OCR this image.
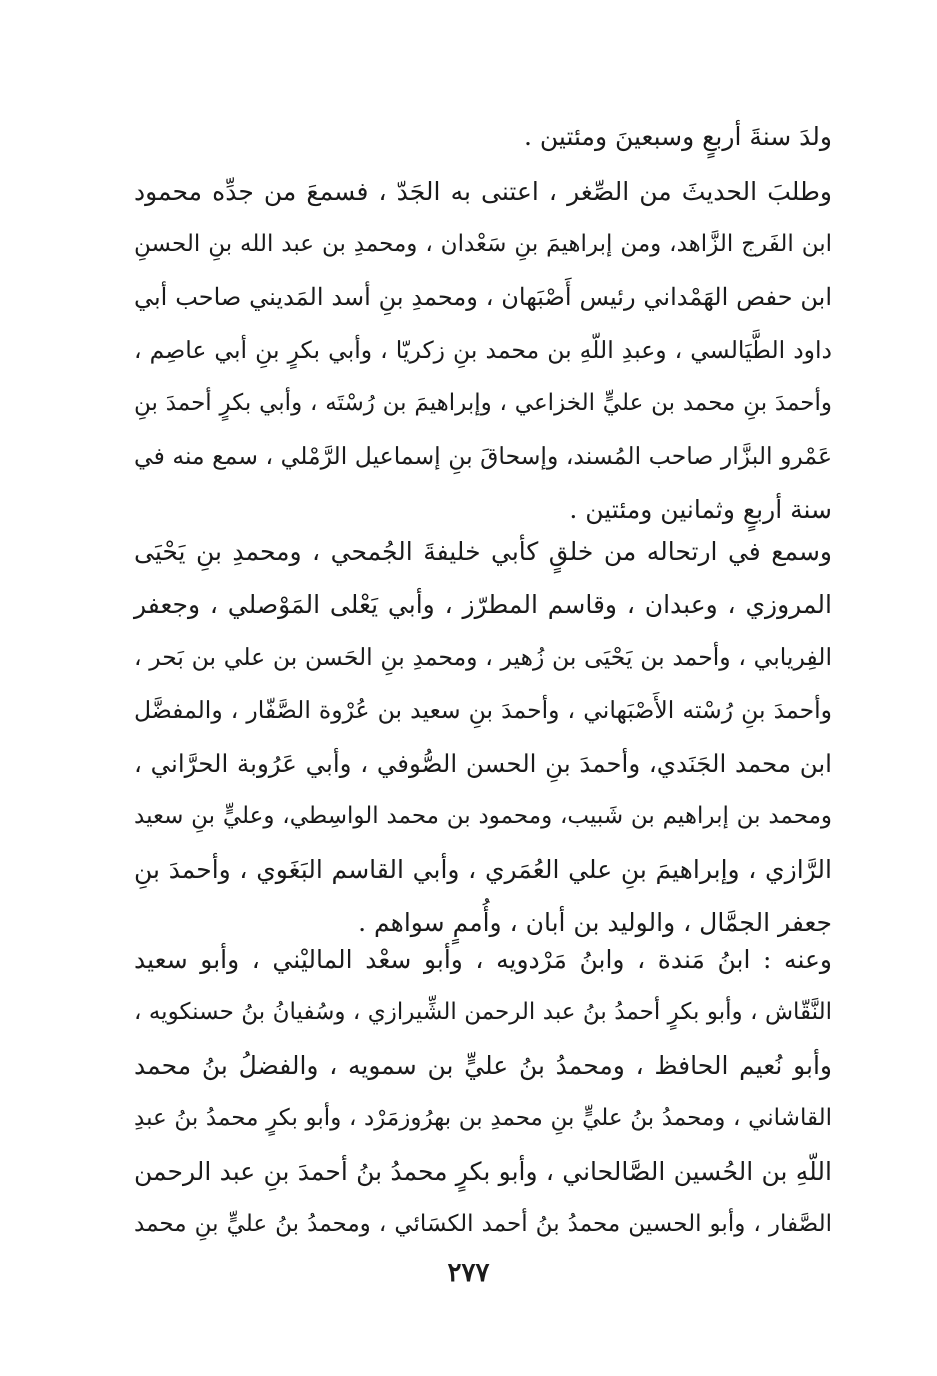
ولدَ سنةَ أربعٍ وسبعينَ ومئتين .
وطلبَ الحديثَ من الصِّغر ، اعتنى به الجَدّ ، فسمعَ من جدِّه محمود
ابن الفَرج الزَّاهد، ومن إبراهيمَ بنِ سَعْدان ، ومحمدِ بن عبد الله بنِ الحسنِ
ابن حفص الهَمْداني رئيس أَصْبَهان ، ومحمدِ بنِ أسد المَديني صاحب أبي
داود الطَّيَالسي ، وعبدِ اللّهِ بن محمد بنِ زكريّا ، وأبي بكرٍ بنِ أبي عاصِم ،
وأحمدَ بنِ محمد بن عليٍّ الخزاعي ، وإبراهيمَ بن رُسْتَه ، وأبي بكرٍ أحمدَ بنِ
عَمْرو البزَّار صاحب المُسند، وإسحاقَ بنِ إسماعيل الرَّمْلي ، سمع منه في
سنة أربعٍ وثمانين ومئتين .
وسمع في ارتحاله من خلقٍ كأبي خليفةَ الجُمحي ، ومحمدِ بنِ يَحْيَى
المروزي ، وعبدان ، وقاسم المطرّز ، وأبي يَعْلى المَوْصلي ، وجعفر
الفِريابي ، وأحمد بن يَحْيَى بن زُهير ، ومحمدِ بنِ الحَسن بن علي بن بَحر ،
وأحمدَ بنِ رُسْته الأَصْبَهاني ، وأحمدَ بنِ سعيد بن عُرْوة الصَّفّار ، والمفضَّل
ابن محمد الجَنَدي، وأحمدَ بنِ الحسن الصُّوفي ، وأبي عَرُوبة الحرَّاني ،
ومحمد بن إبراهيم بن شَبيب، ومحمود بن محمد الواسِطي، وعليٍّ بنِ سعيد
الرَّازي ، وإبراهيمَ بنِ علي العُمَري ، وأبي القاسم البَغَوي ، وأحمدَ بنِ
جعفر الجمَّال ، والوليد بن أبان ، وأُممٍ سواهم .
وعنه : ابنُ مَندة ، وابنُ مَرْدويه ، وأبو سعْد الماليْني ، وأبو سعيد
النَّقّاش ، وأبو بكرٍ أحمدُ بنُ عبد الرحمن الشِّيرازي ، وسُفيانُ بنُ حسنكويه ،
وأبو نُعيم الحافظ ، ومحمدُ بنُ عليٍّ بن سمويه ، والفضلُ بنُ محمد
القاشاني ، ومحمدُ بنُ عليٍّ بنِ محمدِ بن بهرُوزمَرْد ، وأبو بكرٍ محمدُ بنُ عبدِ
اللّهِ بن الحُسين الصَّالحاني ، وأبو بكرٍ محمدُ بنُ أحمدَ بنِ عبد الرحمن
الصَّفار ، وأبو الحسين محمدُ بنُ أحمد الكسَائي ، ومحمدُ بنُ عليٍّ بنِ محمد
٢٧٧
